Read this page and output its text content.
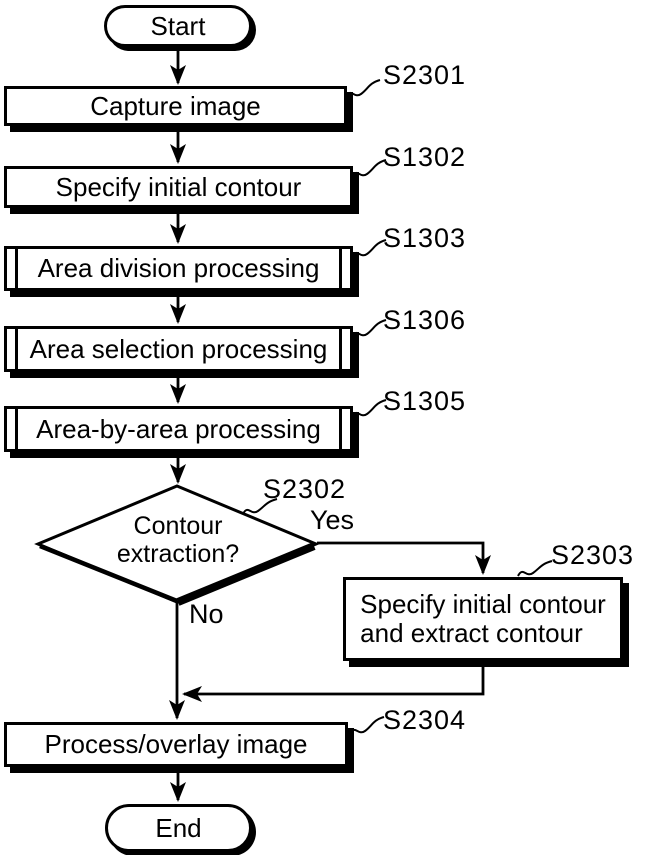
Start
End
Capture image
Specify initial contour
Area division processing
Area selection processing
Area-by-area processing
Specify initial contour
and extract contour
Process/overlay image
Contour
extraction?
S2301
S1302
S1303
S1306
S1305
S2302
S2303
S2304
Yes
No
